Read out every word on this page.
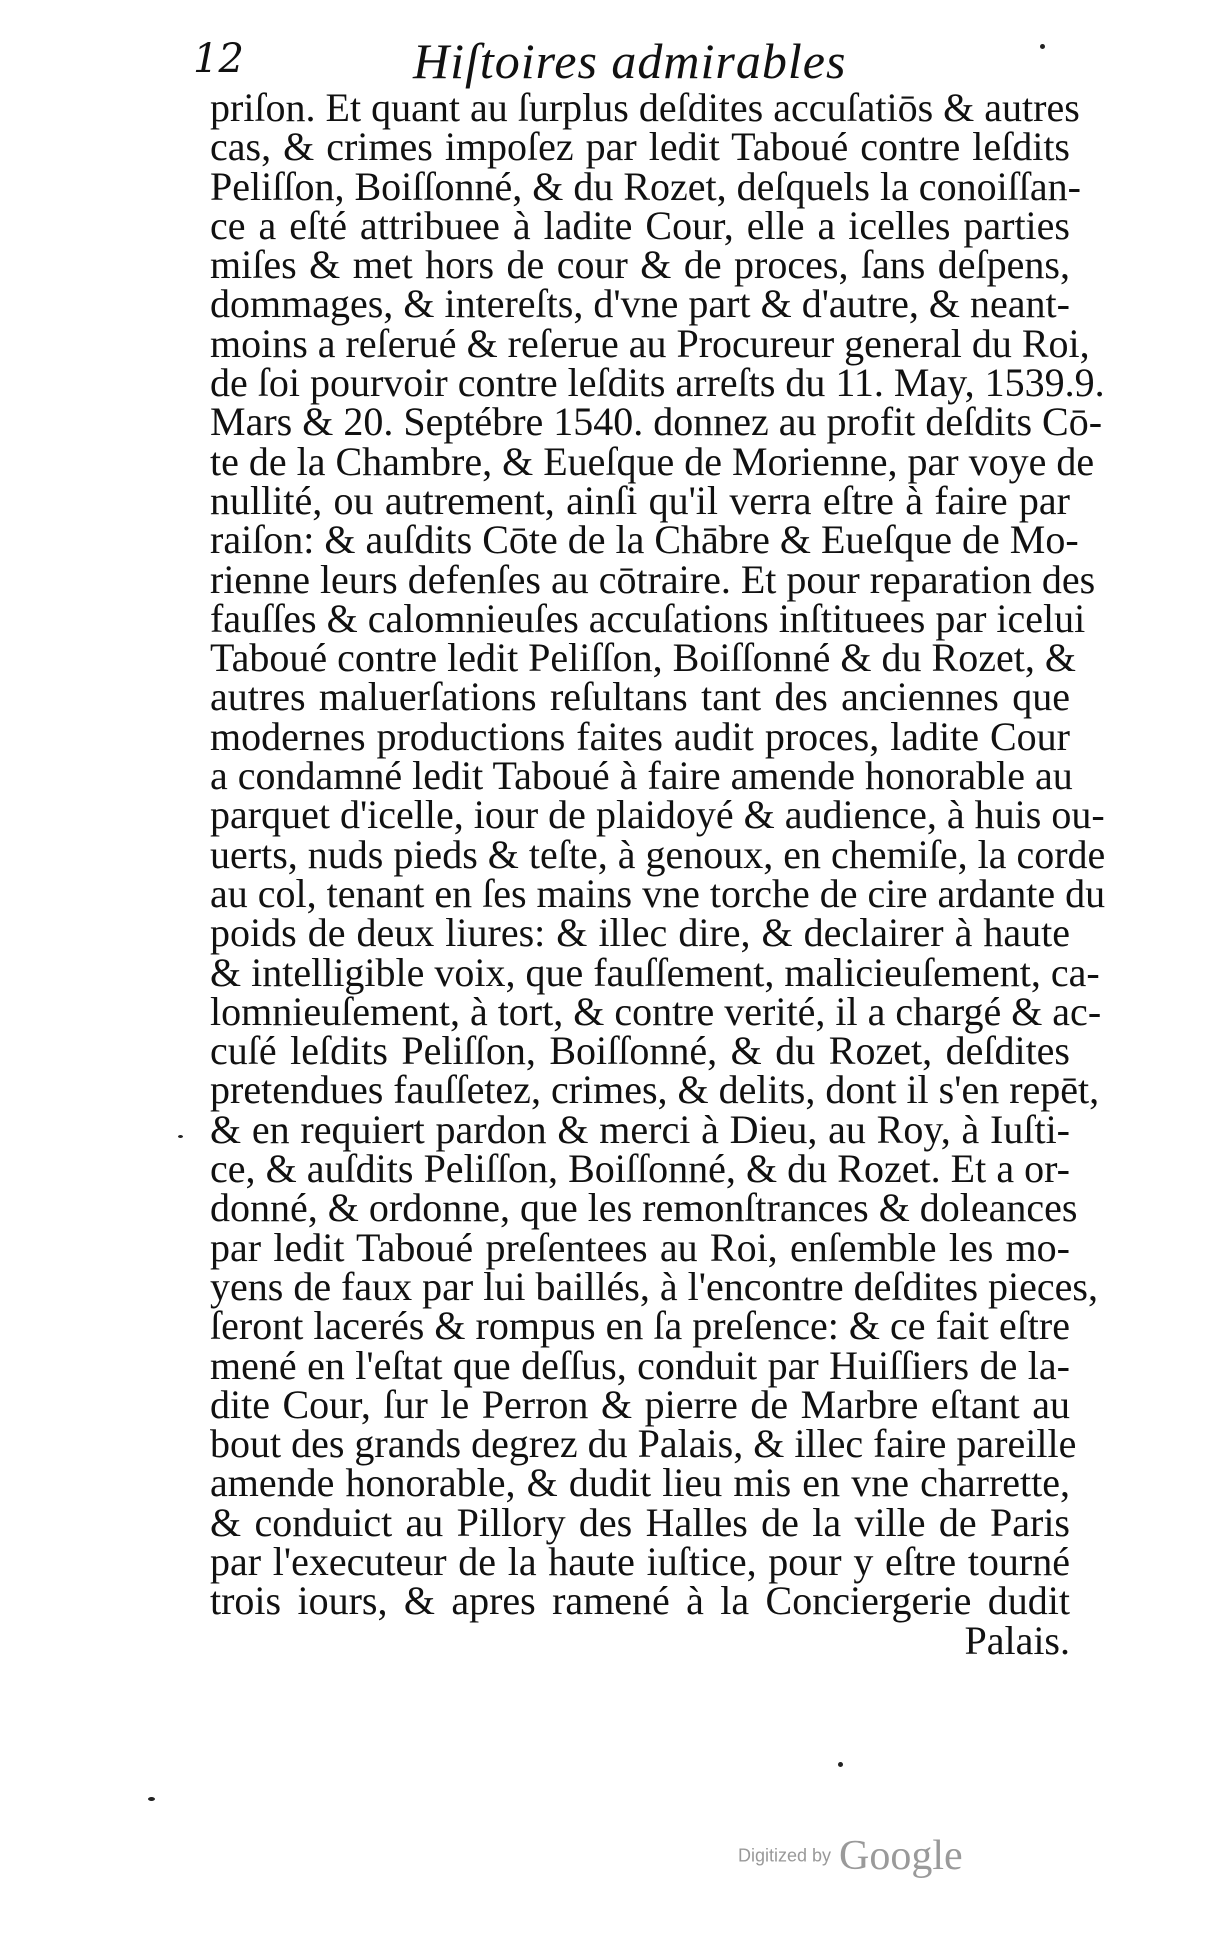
12	Hiſtoires admirables
priſon. Et quant au ſurplus deſdites accuſatiōs & autres
cas, & crimes impoſez par ledit Taboué contre leſdits
Peliſſon, Boiſſonné, & du Rozet, deſquels la conoiſſan-
ce a eſté attribuee à ladite Cour, elle a icelles parties
miſes & met hors de cour & de proces, ſans deſpens,
dommages, & intereſts, d'vne part & d'autre, & neant-
moins a reſerué & reſerue au Procureur general du Roi,
de ſoi pourvoir contre leſdits arreſts du 11. May, 1539.9.
Mars & 20. Septébre 1540. donnez au profit deſdits Cō-
te de la Chambre, & Eueſque de Morienne, par voye de
nullité, ou autrement, ainſi qu'il verra eſtre à faire par
raiſon: & auſdits Cōte de la Chābre & Eueſque de Mo-
rienne leurs defenſes au cōtraire. Et pour reparation des
fauſſes & calomnieuſes accuſations inſtituees par icelui
Taboué contre ledit Peliſſon, Boiſſonné & du Rozet, &
autres maluerſations reſultans tant des anciennes que
modernes productions faites audit proces, ladite Cour
a condamné ledit Taboué à faire amende honorable au
parquet d'icelle, iour de plaidoyé & audience, à huis ou-
uerts, nuds pieds & teſte, à genoux, en chemiſe, la corde
au col, tenant en ſes mains vne torche de cire ardante du
poids de deux liures: & illec dire, & declairer à haute
& intelligible voix, que fauſſement, malicieuſement, ca-
lomnieuſement, à tort, & contre verité, il a chargé & ac-
cuſé leſdits Peliſſon, Boiſſonné, & du Rozet, deſdites
pretendues fauſſetez, crimes, & delits, dont il s'en repēt,
& en requiert pardon & merci à Dieu, au Roy, à Iuſti-
ce, & auſdits Peliſſon, Boiſſonné, & du Rozet. Et a or-
donné, & ordonne, que les remonſtrances & doleances
par ledit Taboué preſentees au Roi, enſemble les mo-
yens de faux par lui baillés, à l'encontre deſdites pieces,
ſeront lacerés & rompus en ſa preſence: & ce fait eſtre
mené en l'eſtat que deſſus, conduit par Huiſſiers de la-
dite Cour, ſur le Perron & pierre de Marbre eſtant au
bout des grands degrez du Palais, & illec faire pareille
amende honorable, & dudit lieu mis en vne charrette,
& conduict au Pillory des Halles de la ville de Paris
par l'executeur de la haute iuſtice, pour y eſtre tourné
trois iours, & apres ramené à la Conciergerie dudit
Palais.
Digitized by Google
